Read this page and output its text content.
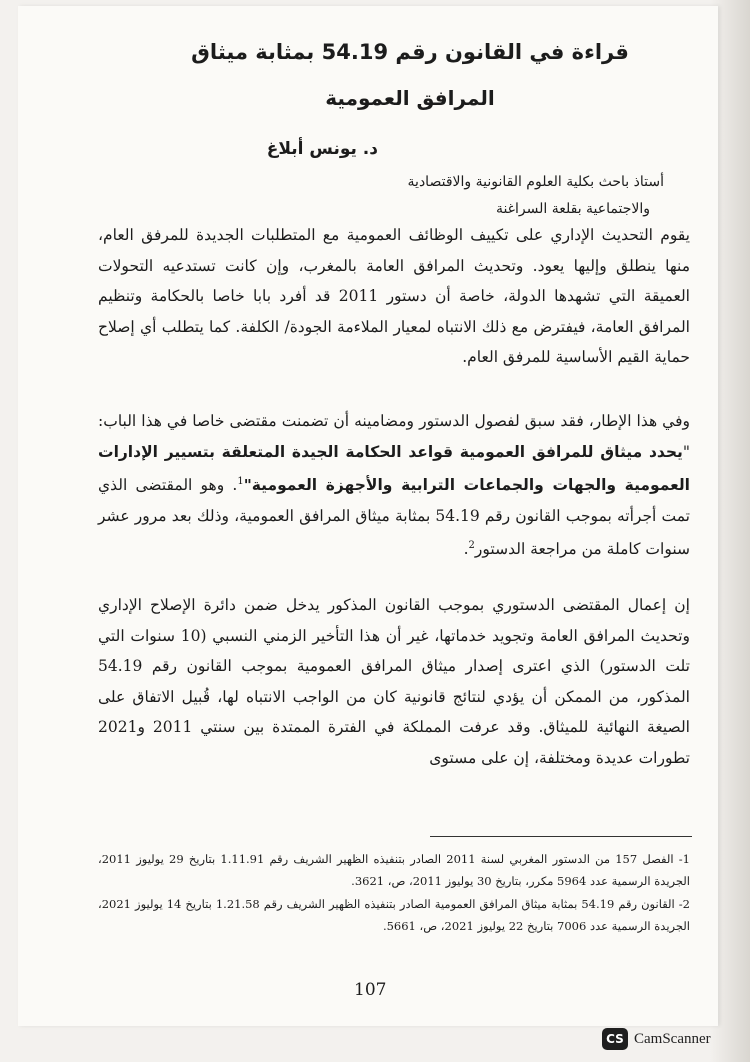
قراءة في القانون رقم 54.19 بمثابة ميثاق
المرافق العمومية
د. يونس أبلاغ
أستاذ باحث بكلية العلوم القانونية والاقتصادية
والاجتماعية بقلعة السراغنة
يقوم التحديث الإداري على تكييف الوظائف العمومية مع المتطلبات الجديدة للمرفق العام، منها ينطلق وإليها يعود. وتحديث المرافق العامة بالمغرب، وإن كانت تستدعيه التحولات العميقة التي تشهدها الدولة، خاصة أن دستور 2011 قد أفرد بابا خاصا بالحكامة وتنظيم المرافق العامة، فيفترض مع ذلك الانتباه لمعيار الملاءمة الجودة/ الكلفة. كما يتطلب أي إصلاح حماية القيم الأساسية للمرفق العام.
وفي هذا الإطار، فقد سبق لفصول الدستور ومضامينه أن تضمنت مقتضى خاصا في هذا الباب: "يحدد ميثاق للمرافق العمومية قواعد الحكامة الجيدة المتعلقة بتسيير الإدارات العمومية والجهات والجماعات الترابية والأجهزة العمومية"$^1$. وهو المقتضى الذي تمت أجرأته بموجب القانون رقم 54.19 بمثابة ميثاق المرافق العمومية، وذلك بعد مرور عشر سنوات كاملة من مراجعة الدستور$^2$.
إن إعمال المقتضى الدستوري بموجب القانون المذكور يدخل ضمن دائرة الإصلاح الإداري وتحديث المرافق العامة وتجويد خدماتها، غير أن هذا التأخير الزمني النسبي (10 سنوات التي تلت الدستور) الذي اعترى إصدار ميثاق المرافق العمومية بموجب القانون رقم 54.19 المذكور، من الممكن أن يؤدي لنتائج قانونية كان من الواجب الانتباه لها، قُبيل الاتفاق على الصيغة النهائية للميثاق. وقد عرفت المملكة في الفترة الممتدة بين سنتي 2011 و2021 تطورات عديدة ومختلفة، إن على مستوى
1- الفصل 157 من الدستور المغربي لسنة 2011 الصادر بتنفيذه الظهير الشريف رقم 1.11.91 بتاريخ 29 يوليوز 2011، الجريدة الرسمية عدد 5964 مكرر، بتاريخ 30 يوليوز 2011، ص، 3621.
2- القانون رقم 54.19 بمثابة ميثاق المرافق العمومية الصادر بتنفيذه الظهير الشريف رقم 1.21.58 بتاريخ 14 يوليوز 2021، الجريدة الرسمية عدد 7006 بتاريخ 22 يوليوز 2021، ص، 5661.
107
CS CamScanner
